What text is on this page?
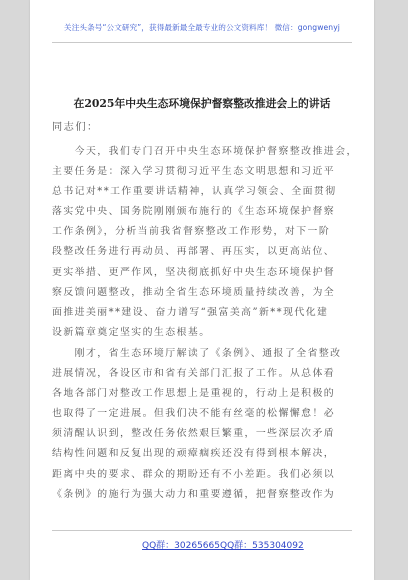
关注头条号“公文研究”，获得最新最全最专业的公文资料库！ 微信：gongwenyj
在2025年中央生态环境保护督察整改推进会上的讲话
同志们：
　　今天，我们专门召开中央生态环境保护督察整改推进会，
主要任务是：深入学习贯彻习近平生态文明思想和习近平
总书记对**工作重要讲话精神，认真学习领会、全面贯彻
落实党中央、国务院刚刚颁布施行的《生态环境保护督察
工作条例》，分析当前我省督察整改工作形势，对下一阶
段整改任务进行再动员、再部署、再压实，以更高站位、
更实举措、更严作风，坚决彻底抓好中央生态环境保护督
察反馈问题整改，推动全省生态环境质量持续改善，为全
面推进美丽**建设、奋力谱写“强富美高”新**现代化建
设新篇章奠定坚实的生态根基。
　　刚才，省生态环境厅解读了《条例》、通报了全省整改
进展情况，各设区市和省有关部门汇报了工作。从总体看
各地各部门对整改工作思想上是重视的，行动上是积极的
也取得了一定进展。但我们决不能有丝毫的松懈懈怠！必
须清醒认识到，整改任务依然艰巨繁重，一些深层次矛盾
结构性问题和反复出现的顽瘴痼疾还没有得到根本解决，
距离中央的要求、群众的期盼还有不小差距。我们必须以
《条例》的施行为强大动力和重要遵循，把督察整改作为
QQ群：30265665 QQ群：535304092
